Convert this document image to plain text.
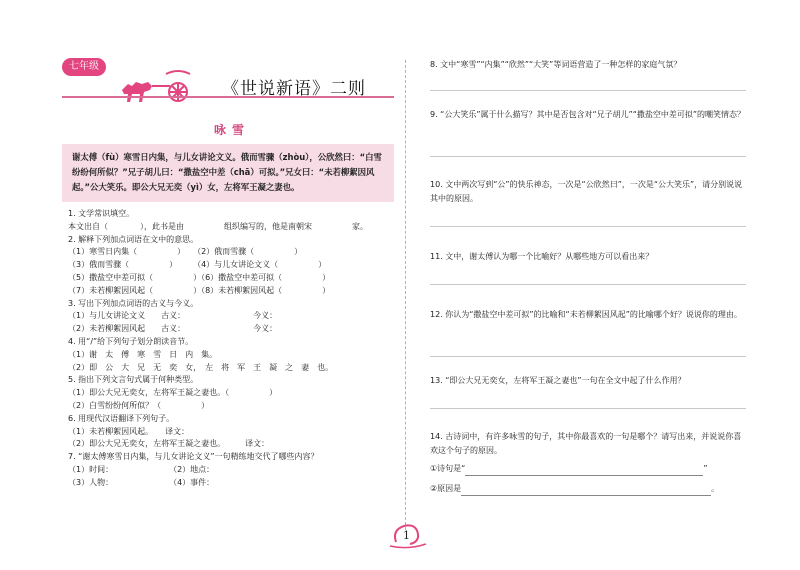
七年级
《世说新语》二则
咏雪
谢太傅（fù）寒雪日内集，与儿女讲论文义。俄而雪骤（zhòu），公欣然曰：“白雪纷纷何所似？”兄子胡儿曰：“撒盐空中差（chā）可拟。”兄女曰：“未若柳絮因风起。”公大笑乐。即公大兄无奕（yì）女，左将军王凝之妻也。
1. 文学常识填空。
本文出自（　　　　），此书是由　　　　　组织编写的，他是南朝宋　　　　　家。
2. 解释下列加点词语在文中的意思。
（1）寒雪日内集（　　　　　）　　（2）俄而雪骤（　　　　　）
（3）俄而雪骤（　　　　　）　　　（4）与儿女讲论文义（　　　　　）
（5）撒盐空中差可拟（　　　　　）（6）撒盐空中差可拟（　　　　　）
（7）未若柳絮因风起（　　　　　）（8）未若柳絮因风起（　　　　　）
3. 写出下列加点词语的古义与今义。
（1）与儿女讲论文义　　古义：　　　　　　　　　今义：
（2）未若柳絮因风起　　古义：　　　　　　　　　今义：
4. 用“/”给下列句子划分朗读音节。
（1）谢　太　傅　寒　雪　日　内　集。
（2）即　公　大　兄　无　奕　女，　左　将　军　王　凝　之　妻　也。
5. 指出下列文言句式属于何种类型。
（1）即公大兄无奕女，左将军王凝之妻也。（　　　　　）
（2）白雪纷纷何所似？（　　　　　）
6. 用现代汉语翻译下列句子。
（1）未若柳絮因风起。　　译文：
（2）即公大兄无奕女，左将军王凝之妻也。　　　译文：
7. “谢太傅寒雪日内集，与儿女讲论文义”一句精练地交代了哪些内容？
（1）时间：　　　　　　　　（2）地点：
（3）人物：　　　　　　　　（4）事件：
8. 文中“寒雪”“内集”“欣然”“大笑”等词语营造了一种怎样的家庭气氛？
9. “公大笑乐”属于什么描写？其中是否包含对“兄子胡儿”“撒盐空中差可拟”的嘲笑情态？
10. 文中两次写到“公”的快乐神态，一次是“公欣然曰”，一次是“公大笑乐”，请分别说说其中的原因。
11. 文中，谢太傅认为哪一个比喻好？从哪些地方可以看出来？
12. 你认为“撒盐空中差可拟”的比喻和“未若柳絮因风起”的比喻哪个好？说说你的理由。
13. “即公大兄无奕女，左将军王凝之妻也”一句在全文中起了什么作用？
14. 古诗词中，有许多咏雪的句子，其中你最喜欢的一句是哪个？请写出来，并说说你喜欢这个句子的原因。
①诗句是“	”
②原因是	。
1
